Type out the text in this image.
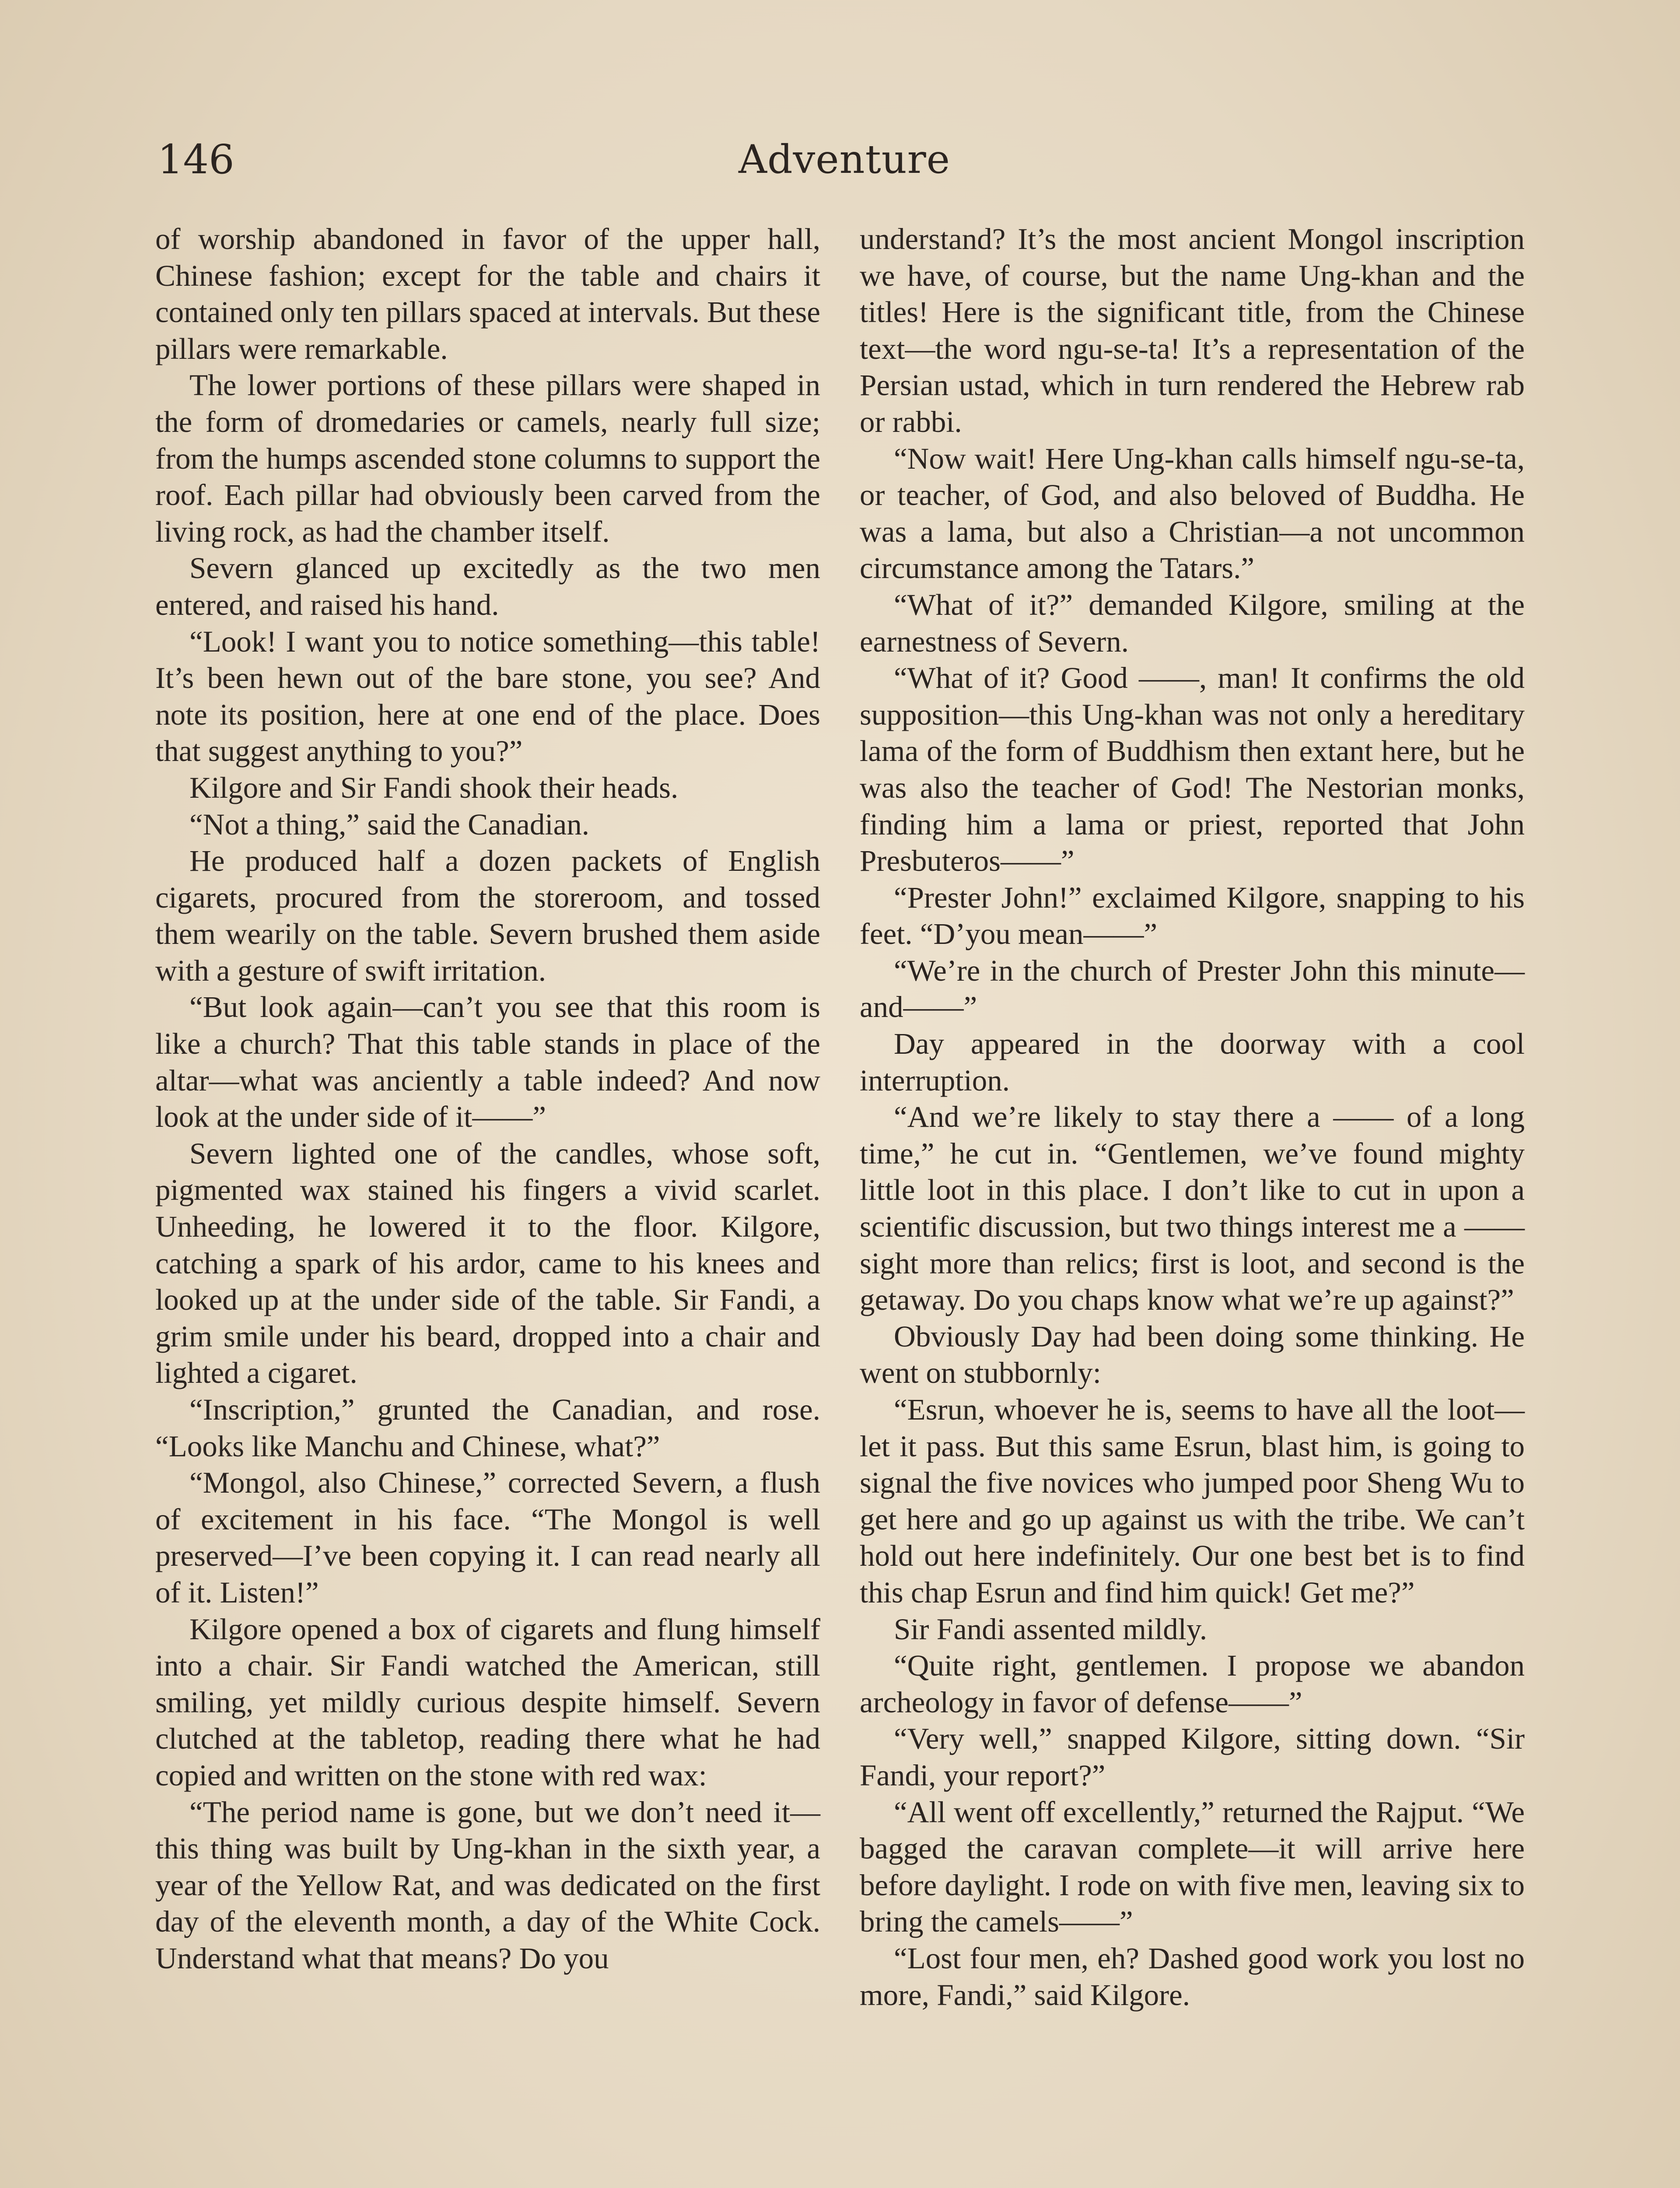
146	Adventure

of worship abandoned in favor of the upper hall, Chinese fashion; except for the table and chairs it contained only ten pillars spaced at intervals. But these pillars were remarkable.

The lower portions of these pillars were shaped in the form of dromedaries or camels, nearly full size; from the humps ascended stone columns to support the roof. Each pillar had obviously been carved from the living rock, as had the chamber itself.

Severn glanced up excitedly as the two men entered, and raised his hand.

“Look! I want you to notice something—this table! It’s been hewn out of the bare stone, you see? And note its position, here at one end of the place. Does that suggest anything to you?”

Kilgore and Sir Fandi shook their heads.

“Not a thing,” said the Canadian.

He produced half a dozen packets of English cigarets, procured from the storeroom, and tossed them wearily on the table. Severn brushed them aside with a gesture of swift irritation.

“But look again—can’t you see that this room is like a church? That this table stands in place of the altar—what was anciently a table indeed? And now look at the under side of it——”

Severn lighted one of the candles, whose soft, pigmented wax stained his fingers a vivid scarlet. Unheeding, he lowered it to the floor. Kilgore, catching a spark of his ardor, came to his knees and looked up at the under side of the table. Sir Fandi, a grim smile under his beard, dropped into a chair and lighted a cigaret.

“Inscription,” grunted the Canadian, and rose. “Looks like Manchu and Chinese, what?”

“Mongol, also Chinese,” corrected Severn, a flush of excitement in his face. “The Mongol is well preserved—I’ve been copying it. I can read nearly all of it. Listen!”

Kilgore opened a box of cigarets and flung himself into a chair. Sir Fandi watched the American, still smiling, yet mildly curious despite himself. Severn clutched at the tabletop, reading there what he had copied and written on the stone with red wax:

“The period name is gone, but we don’t need it—this thing was built by Ung-khan in the sixth year, a year of the Yellow Rat, and was dedicated on the first day of the eleventh month, a day of the White Cock. Understand what that means? Do you

understand? It’s the most ancient Mongol inscription we have, of course, but the name Ung-khan and the titles! Here is the significant title, from the Chinese text—the word ngu-se-ta! It’s a representation of the Persian ustad, which in turn rendered the Hebrew rab or rabbi.

“Now wait! Here Ung-khan calls himself ngu-se-ta, or teacher, of God, and also beloved of Buddha. He was a lama, but also a Christian—a not uncommon circumstance among the Tatars.”

“What of it?” demanded Kilgore, smiling at the earnestness of Severn.

“What of it? Good ——, man! It confirms the old supposition—this Ung-khan was not only a hereditary lama of the form of Buddhism then extant here, but he was also the teacher of God! The Nestorian monks, finding him a lama or priest, reported that John Presbuteros——”

“Prester John!” exclaimed Kilgore, snapping to his feet. “D’you mean——”

“We’re in the church of Prester John this minute—and——”

Day appeared in the doorway with a cool interruption.

“And we’re likely to stay there a —— of a long time,” he cut in. “Gentlemen, we’ve found mighty little loot in this place. I don’t like to cut in upon a scientific discussion, but two things interest me a —— sight more than relics; first is loot, and second is the getaway. Do you chaps know what we’re up against?”

Obviously Day had been doing some thinking. He went on stubbornly:

“Esrun, whoever he is, seems to have all the loot—let it pass. But this same Esrun, blast him, is going to signal the five novices who jumped poor Sheng Wu to get here and go up against us with the tribe. We can’t hold out here indefinitely. Our one best bet is to find this chap Esrun and find him quick! Get me?”

Sir Fandi assented mildly.

“Quite right, gentlemen. I propose we abandon archeology in favor of defense——”

“Very well,” snapped Kilgore, sitting down. “Sir Fandi, your report?”

“All went off excellently,” returned the Rajput. “We bagged the caravan complete—it will arrive here before daylight. I rode on with five men, leaving six to bring the camels——”

“Lost four men, eh? Dashed good work you lost no more, Fandi,” said Kilgore.
